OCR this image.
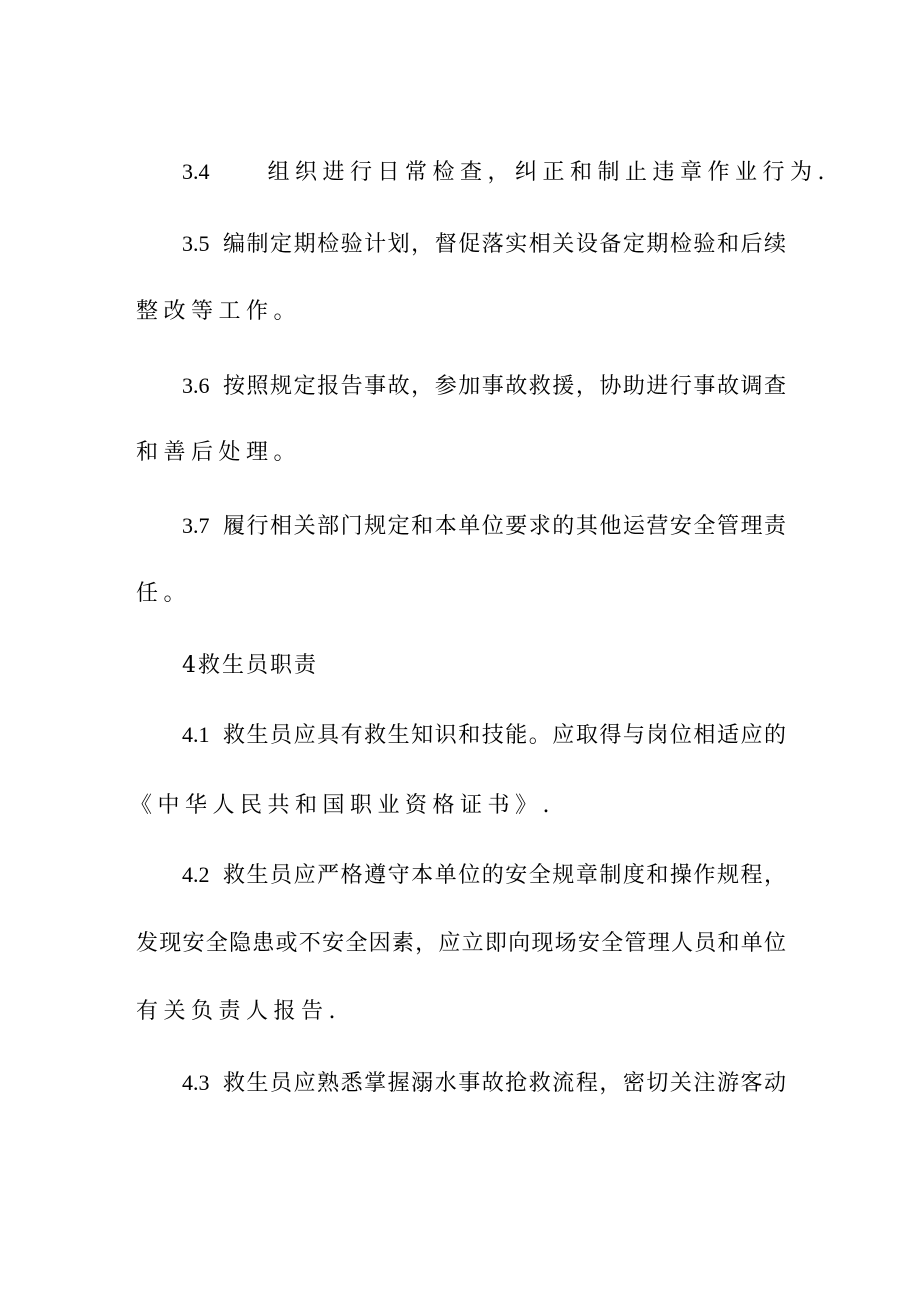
3.4	组织进行日常检查，纠正和制止违章作业行为.
3.5 编制定期检验计划，督促落实相关设备定期检验和后续
整改等工作。
3.6 按照规定报告事故，参加事故救援，协助进行事故调查
和善后处理。
3.7 履行相关部门规定和本单位要求的其他运营安全管理责
任。
4救生员职责
4.1 救生员应具有救生知识和技能。应取得与岗位相适应的
《中华人民共和国职业资格证书》.
4.2 救生员应严格遵守本单位的安全规章制度和操作规程，
发现安全隐患或不安全因素，应立即向现场安全管理人员和单位
有关负责人报告.
4.3 救生员应熟悉掌握溺水事故抢救流程，密切关注游客动
